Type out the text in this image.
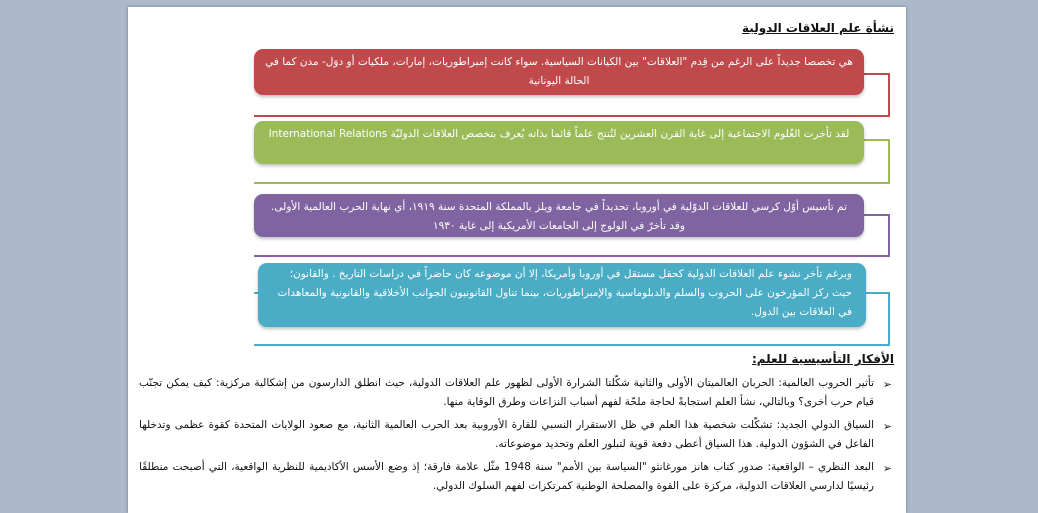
نشأة علم العلاقات الدولية
هي تخصصا جديداً على الرغم من قِدم "العلاقات" بين الكيانات السياسية. سواء كانت إمبراطوريات، إمارات، ملكيات أو دوَل- مدن كما في الحالة اليونانية
لقد تأخرت العُلوم الاجتماعية إلى غاية القرن العشرين لتُنتج علماً قائما بذاته يُعرف بتخصص العلاقات الدوليّة International Relations
تم تأسيس أوّل كرسي للعلاقات الدوّلية في أوروبا، تحديداً في جامعة ويلز بالمملكة المتحدة سنة ١٩١٩، أي نهاية الحرب العالمية الأولى. وقد تأخرّ في الولوج إلى الجامعات الأمريكية إلى غاية ١٩٣٠
وبرغم تأخر نشوء علم العلاقات الدولية كحقل مستقل في أوروبا وأمريكا، إلا أن موضوعه كان حاضراً في دراسات التاريخ . والقانون؛ حيث ركز المؤرخون على الحروب والسلم والدبلوماسية والإمبراطوريات، بينما تناول القانونيون الجوانب الأخلاقية والقانونية والمعاهدات في العلاقات بين الدول.
الأفكار التأسيسية للعلم:
➢
تأثير الحروب العالمية: الحربان العالميتان الأولى والثانية شكّلتا الشرارة الأولى لظهور علم العلاقات الدولية، حيث انطلق الدارسون من إشكالية مركزية: كيف يمكن تجنّب قيام حرب أخرى؟ وبالتالي، نشأ العلم استجابةً لحاجة ملحّة لفهم أسباب النزاعات وطرق الوقاية منها.
➢
السياق الدولي الجديد: تشكّلت شخصية هذا العلم في ظل الاستقرار النسبي للقارة الأوروبية بعد الحرب العالمية الثانية، مع صعود الولايات المتحدة كقوة عظمى وتدخلها الفاعل في الشؤون الدولية. هذا السياق أعطى دفعة قوية لتبلور العلم وتحديد موضوعاته.
➢
البعد النظري – الواقعية: صدور كتاب هانز مورغانثو "السياسة بين الأمم" سنة 1948 مثّل علامة فارقة؛ إذ وضع الأسس الأكاديمية للنظرية الواقعية، التي أصبحت منطلقًا رئيسيًا لدارسي العلاقات الدولية، مركزة على القوة والمصلحة الوطنية كمرتكزات لفهم السلوك الدولي.
